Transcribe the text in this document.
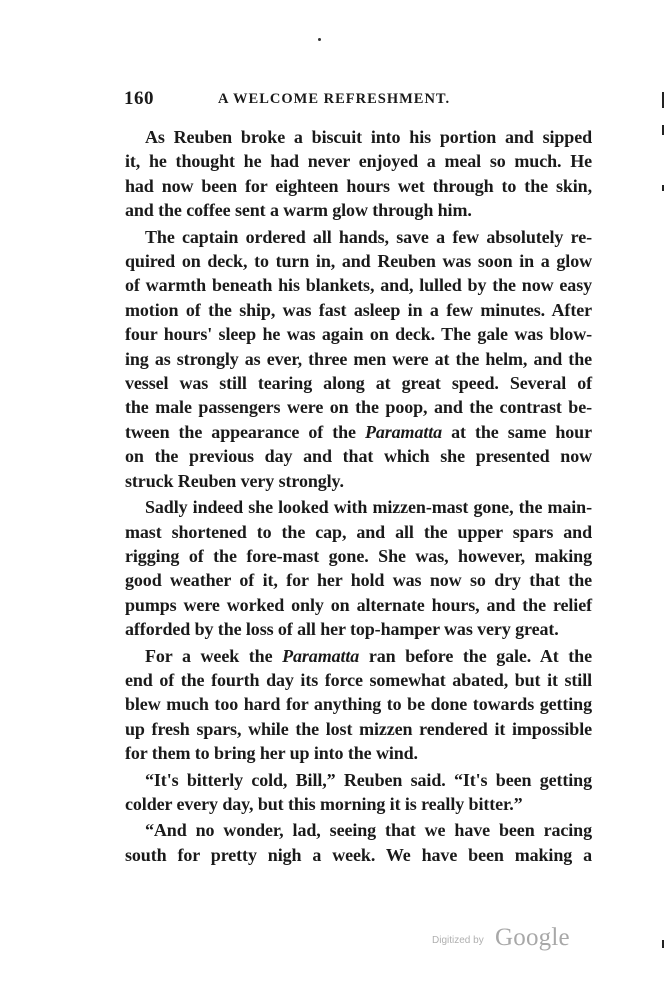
160	A WELCOME REFRESHMENT.

As Reuben broke a biscuit into his portion and sipped
it, he thought he had never enjoyed a meal so much. He
had now been for eighteen hours wet through to the skin,
and the coffee sent a warm glow through him.

The captain ordered all hands, save a few absolutely re-
quired on deck, to turn in, and Reuben was soon in a glow
of warmth beneath his blankets, and, lulled by the now easy
motion of the ship, was fast asleep in a few minutes. After
four hours' sleep he was again on deck. The gale was blow-
ing as strongly as ever, three men were at the helm, and the
vessel was still tearing along at great speed. Several of
the male passengers were on the poop, and the contrast be-
tween the appearance of the Paramatta at the same hour
on the previous day and that which she presented now
struck Reuben very strongly.

Sadly indeed she looked with mizzen-mast gone, the main-
mast shortened to the cap, and all the upper spars and
rigging of the fore-mast gone. She was, however, making
good weather of it, for her hold was now so dry that the
pumps were worked only on alternate hours, and the relief
afforded by the loss of all her top-hamper was very great.

For a week the Paramatta ran before the gale. At the
end of the fourth day its force somewhat abated, but it still
blew much too hard for anything to be done towards getting
up fresh spars, while the lost mizzen rendered it impossible
for them to bring her up into the wind.

“It's bitterly cold, Bill,” Reuben said. “It's been getting
colder every day, but this morning it is really bitter.”

“And no wonder, lad, seeing that we have been racing
south for pretty nigh a week. We have been making a

Digitized by Google
